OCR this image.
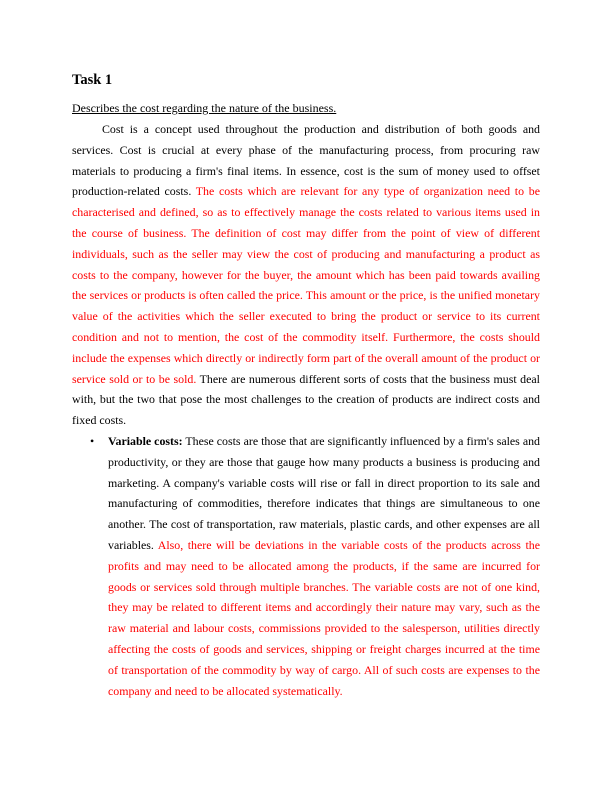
Task 1

Describes the cost regarding the nature of the business.

Cost is a concept used throughout the production and distribution of both goods and services. Cost is crucial at every phase of the manufacturing process, from procuring raw materials to producing a firm's final items. In essence, cost is the sum of money used to offset production-related costs. The costs which are relevant for any type of organization need to be characterised and defined, so as to effectively manage the costs related to various items used in the course of business. The definition of cost may differ from the point of view of different individuals, such as the seller may view the cost of producing and manufacturing a product as costs to the company, however for the buyer, the amount which has been paid towards availing the services or products is often called the price. This amount or the price, is the unified monetary value of the activities which the seller executed to bring the product or service to its current condition and not to mention, the cost of the commodity itself. Furthermore, the costs should include the expenses which directly or indirectly form part of the overall amount of the product or service sold or to be sold. There are numerous different sorts of costs that the business must deal with, but the two that pose the most challenges to the creation of products are indirect costs and fixed costs.

• Variable costs: These costs are those that are significantly influenced by a firm's sales and productivity, or they are those that gauge how many products a business is producing and marketing. A company's variable costs will rise or fall in direct proportion to its sale and manufacturing of commodities, therefore indicates that things are simultaneous to one another. The cost of transportation, raw materials, plastic cards, and other expenses are all variables. Also, there will be deviations in the variable costs of the products across the profits and may need to be allocated among the products, if the same are incurred for goods or services sold through multiple branches. The variable costs are not of one kind, they may be related to different items and accordingly their nature may vary, such as the raw material and labour costs, commissions provided to the salesperson, utilities directly affecting the costs of goods and services, shipping or freight charges incurred at the time of transportation of the commodity by way of cargo. All of such costs are expenses to the company and need to be allocated systematically.
